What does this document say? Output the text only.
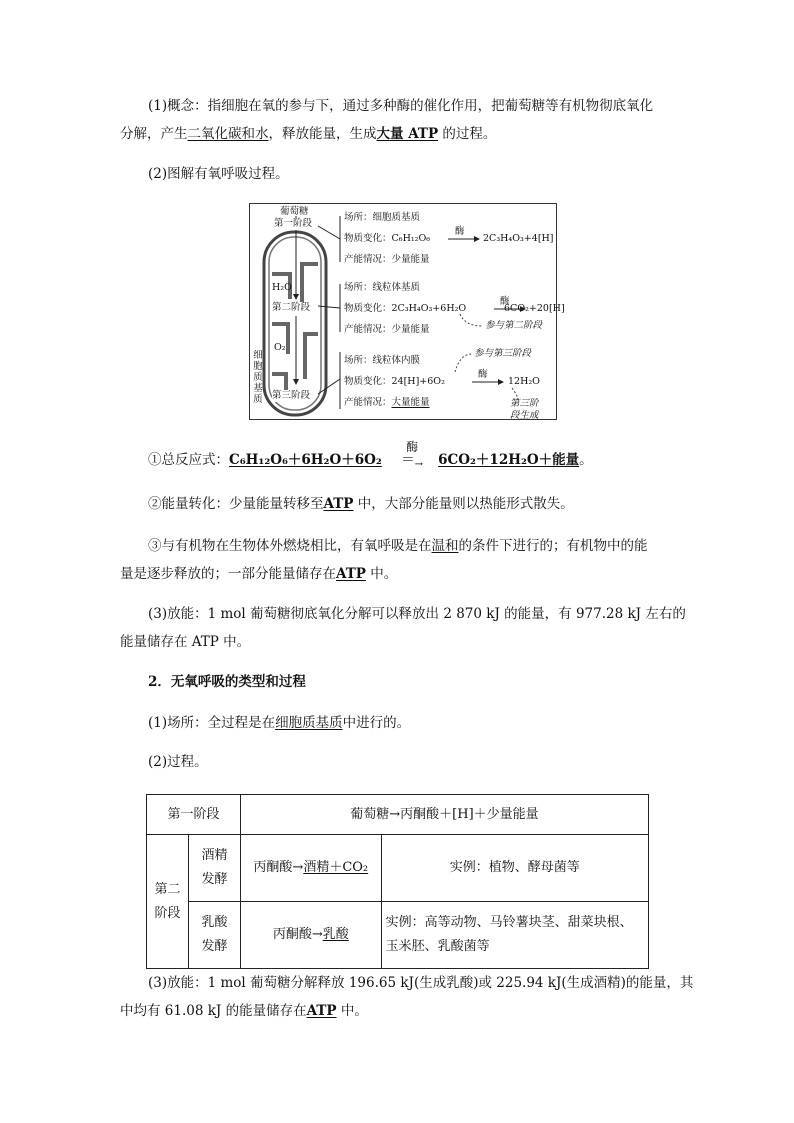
(1)概念：指细胞在氧的参与下，通过多种酶的催化作用，把葡萄糖等有机物彻底氧化
分解，产生二氧化碳和水，释放能量，生成大量 ATP 的过程。
(2)图解有氧呼吸过程。
葡萄糖
第一阶段
H₂O
第二阶段
O₂
第三阶段
细胞质基质
场所：细胞质基质
物质变化：C₆H₁₂O₆
酶
2C₃H₄O₃+4[H]
产能情况：少量能量
场所：线粒体基质
物质变化：2C₃H₄O₃+6H₂O
酶
6CO₂+20[H]
产能情况：少量能量	参与第二阶段
场所：线粒体内膜
参与第三阶段
物质变化：24[H]+6O₂
酶
12H₂O
产能情况：大量能量	第三阶段生成
①总反应式：C₆H₁₂O₆＋6H₂O＋6O₂
酶
$=_\to$ 6CO₂＋12H₂O＋能量。
②能量转化：少量能量转移至ATP 中，大部分能量则以热能形式散失。
③与有机物在生物体外燃烧相比，有氧呼吸是在温和的条件下进行的；有机物中的能
量是逐步释放的；一部分能量储存在ATP 中。
(3)放能：1 mol 葡萄糖彻底氧化分解可以释放出 2 870 kJ 的能量，有 977.28 kJ 左右的
能量储存在 ATP 中。
2．无氧呼吸的类型和过程
(1)场所：全过程是在细胞质基质中进行的。
(2)过程。
第一阶段		葡萄糖→丙酮酸＋[H]＋少量能量	

第二阶段	酒精发酵	丙酮酸→酒精＋CO₂	实例：植物、酵母菌等

	乳酸发酵	丙酮酸→乳酸	实例：高等动物、马铃薯块茎、甜菜块根、玉米胚、乳酸菌等
(3)放能：1 mol 葡萄糖分解释放 196.65 kJ(生成乳酸)或 225.94 kJ(生成酒精)的能量，其
中均有 61.08 kJ 的能量储存在ATP 中。
